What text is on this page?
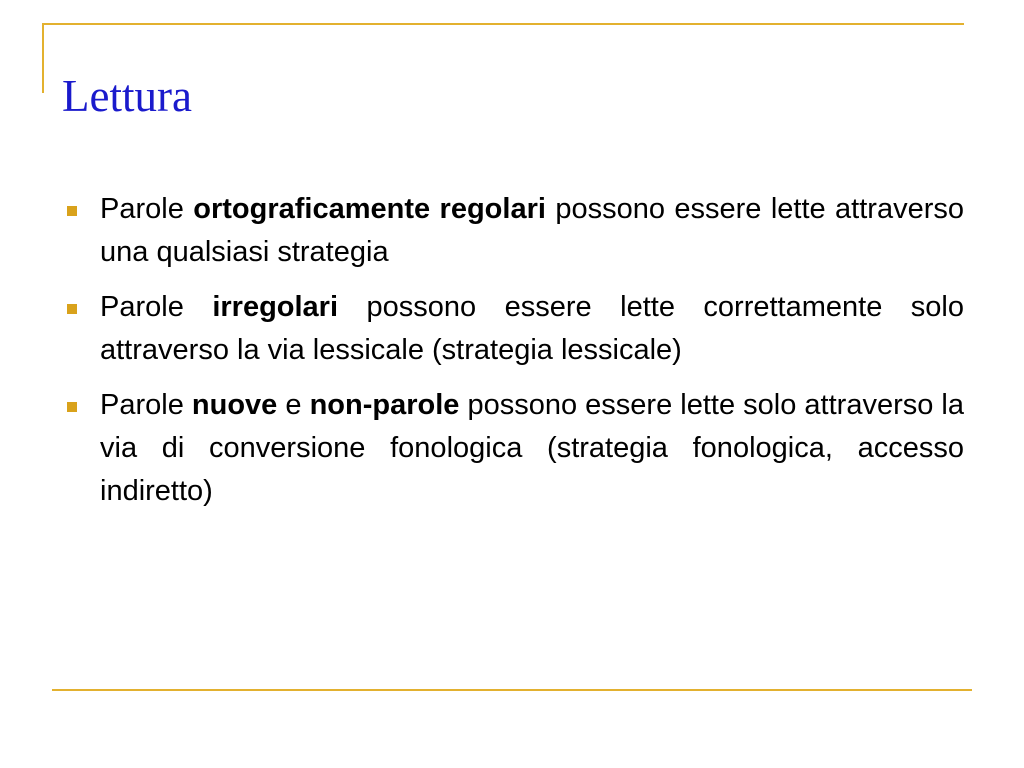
Lettura
Parole ortograficamente regolari possono essere lette attraverso una qualsiasi strategia
Parole irregolari possono essere lette correttamente solo attraverso la via lessicale (strategia lessicale)
Parole nuove e non-parole possono essere lette solo attraverso la via di conversione fonologica (strategia fonologica, accesso indiretto)
